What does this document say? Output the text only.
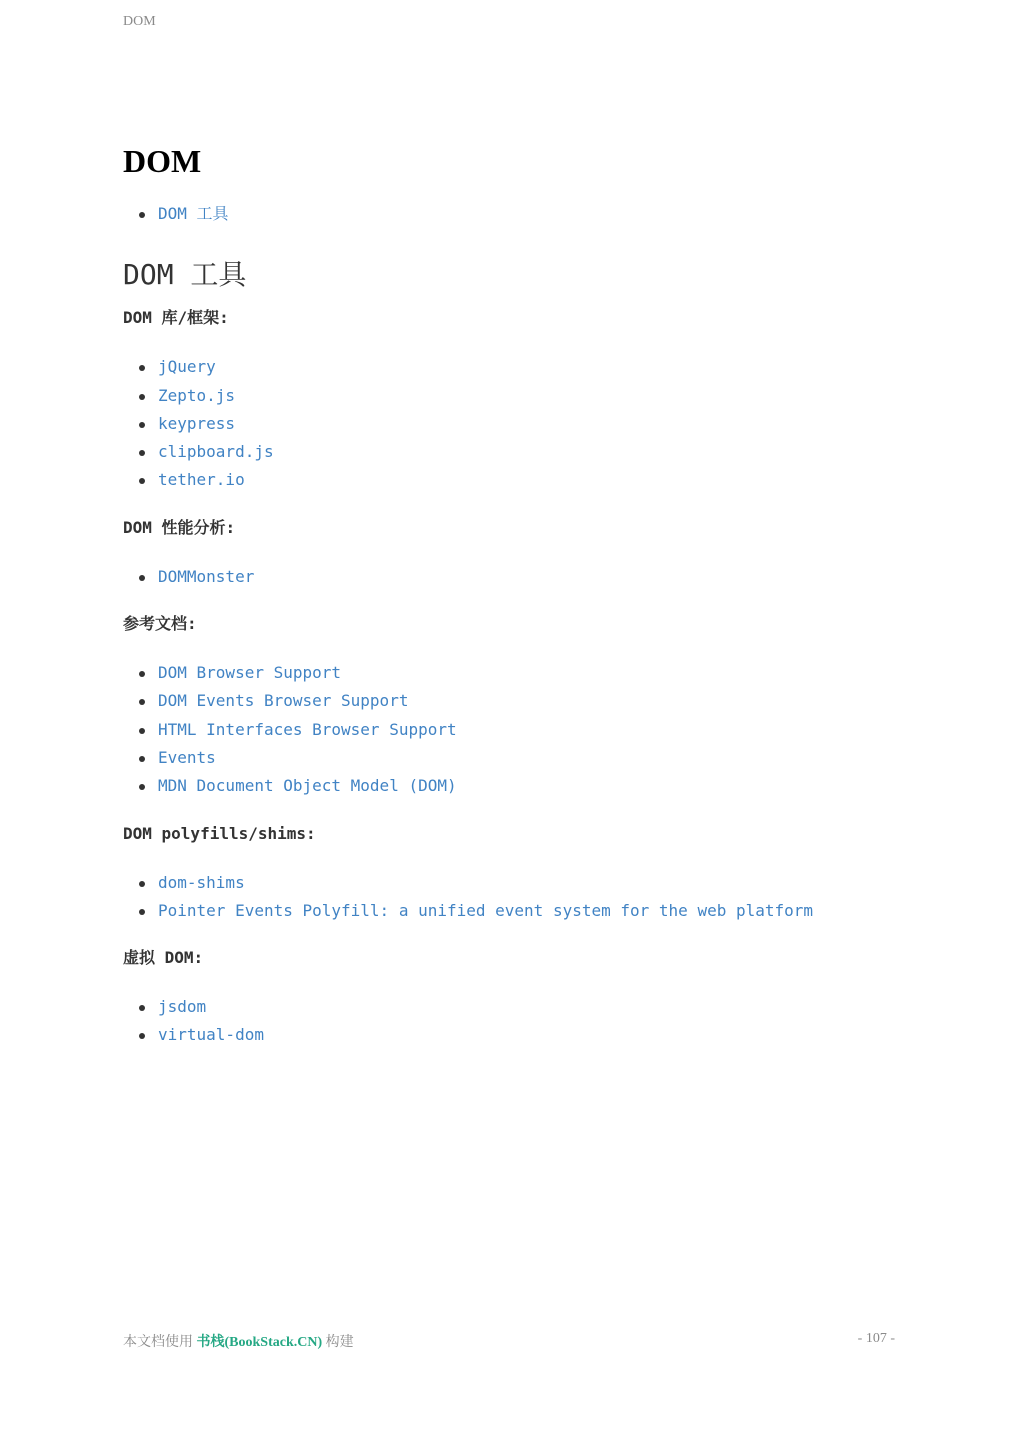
DOM
DOM
DOM 工具
DOM 工具

DOM 库/框架:

jQuery
Zepto.js
keypress
clipboard.js
tether.io

DOM 性能分析:

DOMMonster

参考文档:

DOM Browser Support
DOM Events Browser Support
HTML Interfaces Browser Support
Events
MDN Document Object Model (DOM)

DOM polyfills/shims:

dom-shims
Pointer Events Polyfill: a unified event system for the web platform

虚拟 DOM:

jsdom
virtual-dom
本文档使用 书栈(BookStack.CN) 构建	- 107 -
